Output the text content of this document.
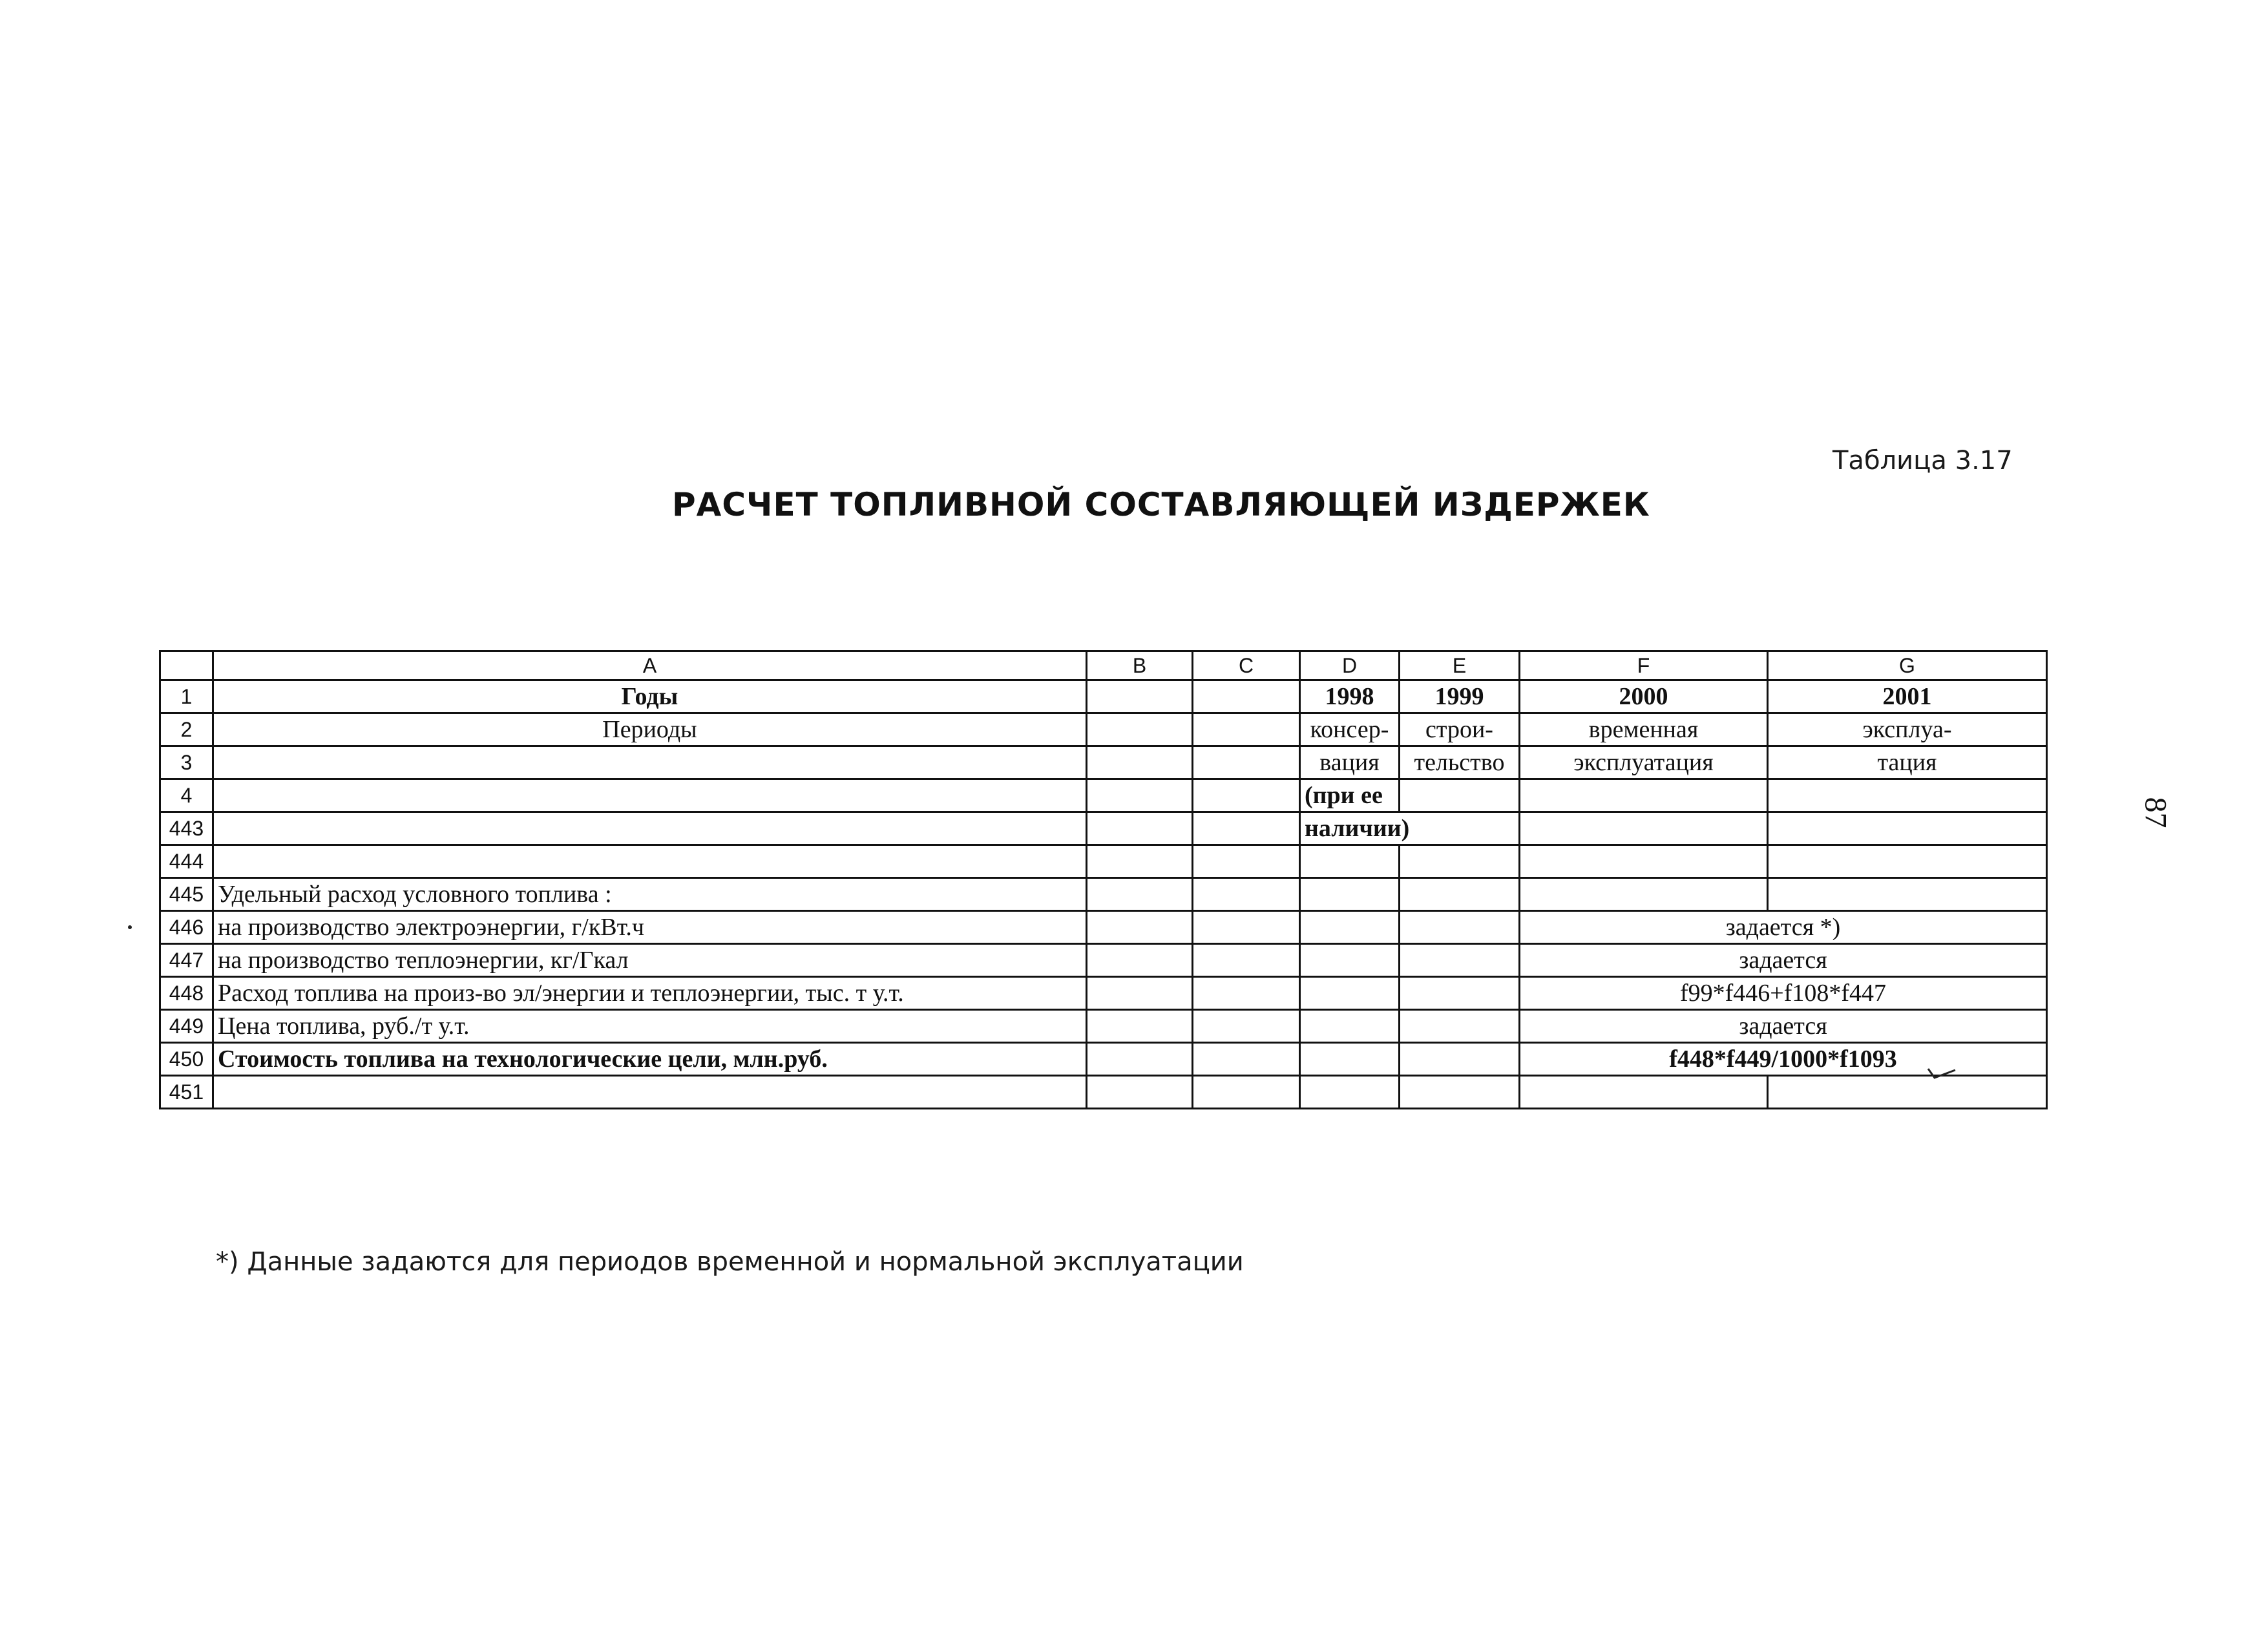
Таблица 3.17
РАСЧЕТ ТОПЛИВНОЙ СОСТАВЛЯЮЩЕЙ ИЗДЕРЖЕК
87
	A	B	C	D	E	F	G
1	Годы			1998	1999	2000	2001
2	Периоды			консер-	строи-	временная	эксплуа-
3				вация	тельство	эксплуатация	тация
4				(при ее			
443				наличии)			
444							
445	Удельный расход условного топлива :						
446	на производство электроэнергии, г/кВт.ч					задается *)	
447	на производство теплоэнергии, кг/Гкал					задается	
448	Расход топлива на произ-во эл/энергии и теплоэнергии, тыс. т у.т.					f99*f446+f108*f447	
449	Цена топлива, руб./т у.т.					задается	
450	Стоимость топлива на технологические цели, млн.руб.					f448*f449/1000*f1093	
451							
*) Данные задаются для периодов временной и нормальной эксплуатации
